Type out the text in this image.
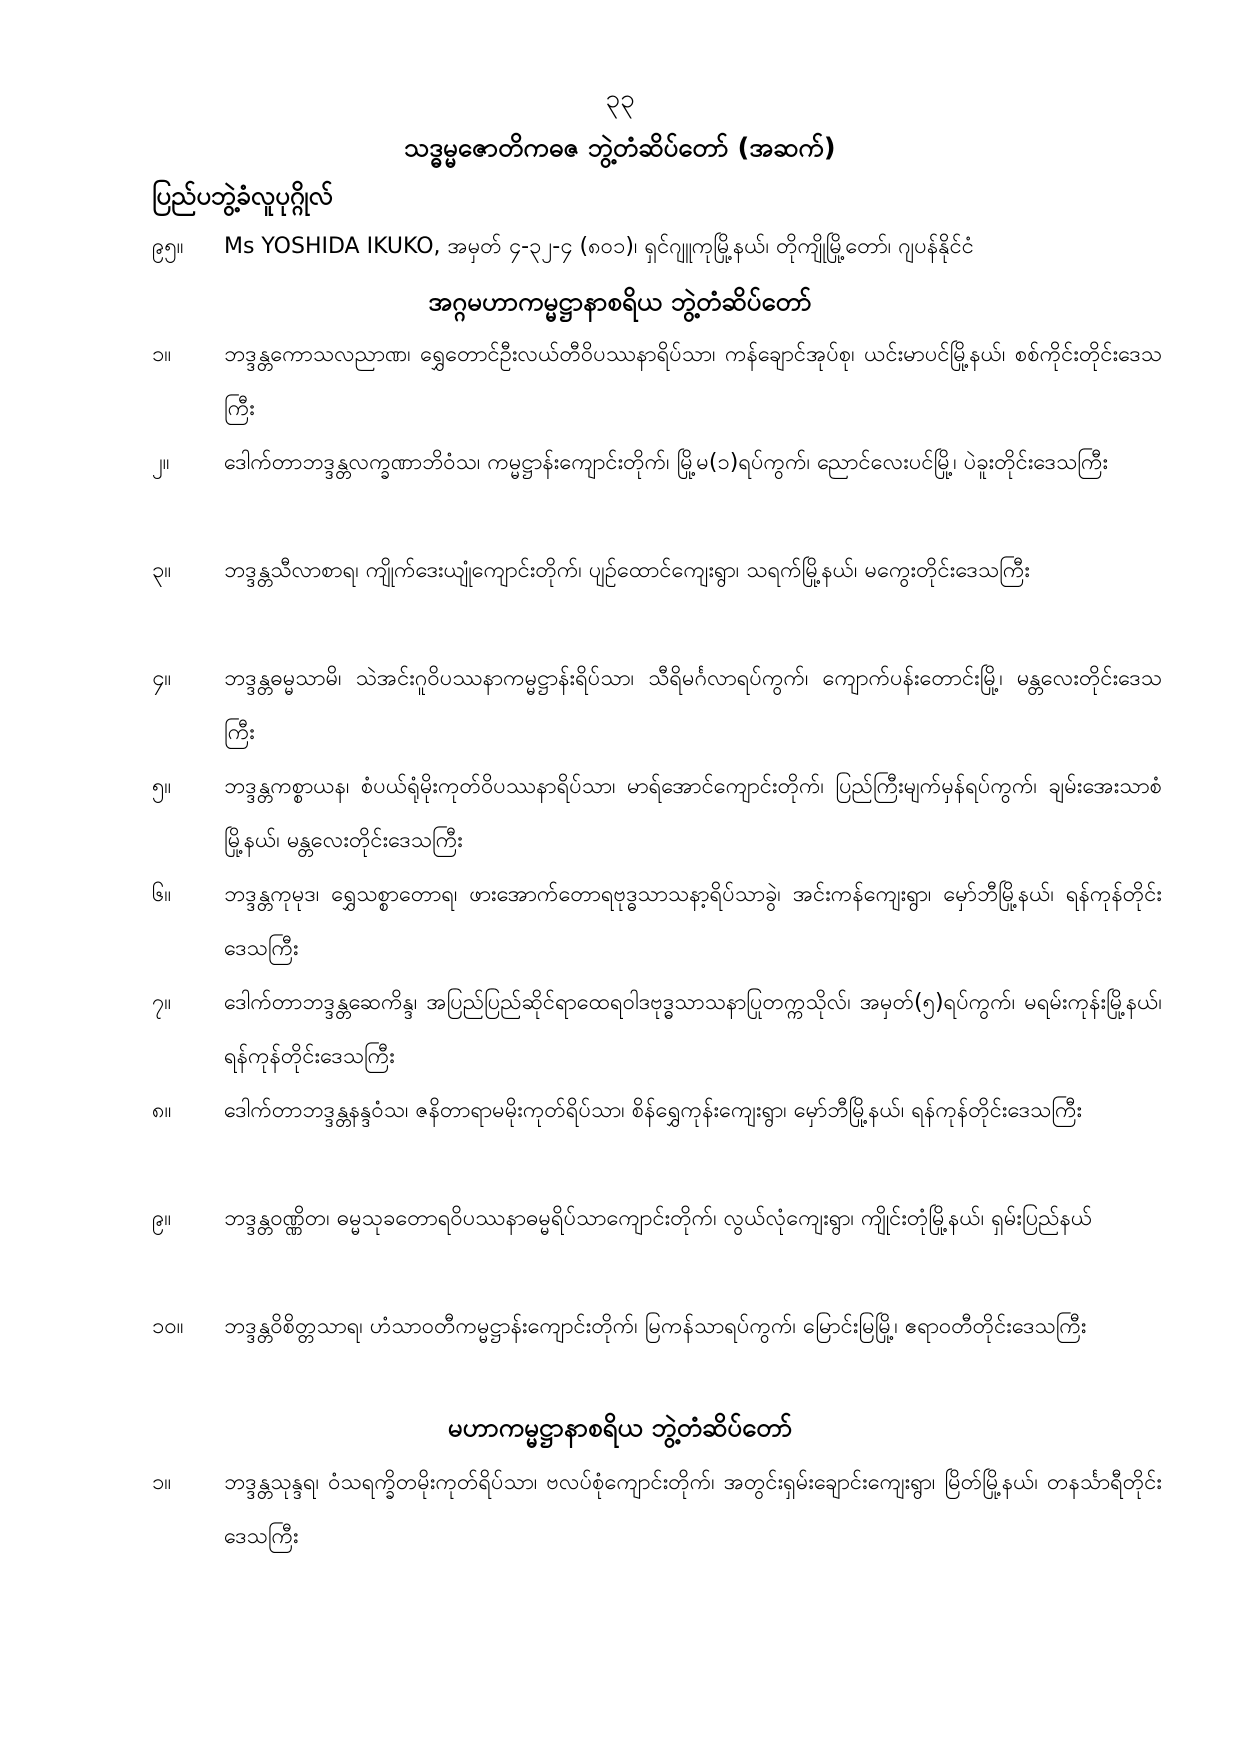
၃၃
သဒ္ဓမ္မဇောတိကဓဇ ဘွဲ့တံဆိပ်တော် (အဆက်)
ပြည်ပဘွဲ့ခံလူပုဂ္ဂိုလ်
၉၅။	Ms YOSHIDA IKUKO, အမှတ် ၄-၃၂-၄ (၈၀၁)၊ ရှင်ဂျူကုမြို့နယ်၊ တိုကျိုမြို့တော်၊ ဂျပန်နိုင်ငံ
အဂ္ဂမဟာကမ္မဋ္ဌာနာစရိယ ဘွဲ့တံဆိပ်တော်
၁။	ဘဒ္ဒန္တကောသလညာဏ၊ ရွှေတောင်ဦးလယ်တီဝိပဿနာရိပ်သာ၊ ကန်ချောင်အုပ်စု၊ ယင်းမာပင်မြို့နယ်၊ စစ်ကိုင်းတိုင်းဒေသကြီး
၂။	ဒေါက်တာဘဒ္ဒန္တလက္ခဏာဘိဝံသ၊ ကမ္မဋ္ဌာန်းကျောင်းတိုက်၊ မြို့မ(၁)ရပ်ကွက်၊ ညောင်လေးပင်မြို့၊ ပဲခူးတိုင်းဒေသကြီး
၃။	ဘဒ္ဒန္တသီလာစာရ၊ ကျိုက်ဒေးယျုံကျောင်းတိုက်၊ ပျဉ်ထောင်ကျေးရွာ၊ သရက်မြို့နယ်၊ မကွေးတိုင်းဒေသကြီး
၄။	ဘဒ္ဒန္တဓမ္မသာမိ၊ သဲအင်းဂူဝိပဿနာကမ္မဋ္ဌာန်းရိပ်သာ၊ သီရိမင်္ဂလာရပ်ကွက်၊ ကျောက်ပန်းတောင်းမြို့၊ မန္တလေးတိုင်းဒေသကြီး
၅။	ဘဒ္ဒန္တကစ္စာယန၊ စံပယ်ရုံမိုးကုတ်ဝိပဿနာရိပ်သာ၊ မာရ်အောင်ကျောင်းတိုက်၊ ပြည်ကြီးမျက်မှန်ရပ်ကွက်၊ ချမ်းအေးသာစံမြို့နယ်၊ မန္တလေးတိုင်းဒေသကြီး
၆။	ဘဒ္ဒန္တကုမုဒ၊ ရွှေသစ္စာတောရ၊ ဖားအောက်တောရဗုဒ္ဓသာသနာ့ရိပ်သာခွဲ၊ အင်းကန်ကျေးရွာ၊ မှော်ဘီမြို့နယ်၊ ရန်ကုန်တိုင်းဒေသကြီး
၇။	ဒေါက်တာဘဒ္ဒန္တဆေကိန္ဒ၊ အပြည်ပြည်ဆိုင်ရာထေရဝါဒဗုဒ္ဓသာသနာပြုတက္ကသိုလ်၊ အမှတ်(၅)ရပ်ကွက်၊ မရမ်းကုန်းမြို့နယ်၊ ရန်ကုန်တိုင်းဒေသကြီး
၈။	ဒေါက်တာဘဒ္ဒန္တနန္ဒဝံသ၊ ဇနိတာရာမမိုးကုတ်ရိပ်သာ၊ စိန်ရွှေကုန်းကျေးရွာ၊ မှော်ဘီမြို့နယ်၊ ရန်ကုန်တိုင်းဒေသကြီး
၉။	ဘဒ္ဒန္တဝဏ္ဏိတ၊ ဓမ္မသုခတောရဝိပဿနာဓမ္မရိပ်သာကျောင်းတိုက်၊ လွယ်လုံကျေးရွာ၊ ကျိုင်းတုံမြို့နယ်၊ ရှမ်းပြည်နယ်
၁၀။	ဘဒ္ဒန္တဝိစိတ္တသာရ၊ ဟံသာဝတီကမ္မဋ္ဌာန်းကျောင်းတိုက်၊ မြကန်သာရပ်ကွက်၊ မြောင်းမြမြို့၊ ဧရာဝတီတိုင်းဒေသကြီး
မဟာကမ္မဋ္ဌာနာစရိယ ဘွဲ့တံဆိပ်တော်
၁။	ဘဒ္ဒန္တသုန္ဒရ၊ ဝံသရက္ခိတမိုးကုတ်ရိပ်သာ၊ ဗလပ်စုံကျောင်းတိုက်၊ အတွင်းရှမ်းချောင်းကျေးရွာ၊ မြိတ်မြို့နယ်၊ တနင်္သာရီတိုင်းဒေသကြီး
